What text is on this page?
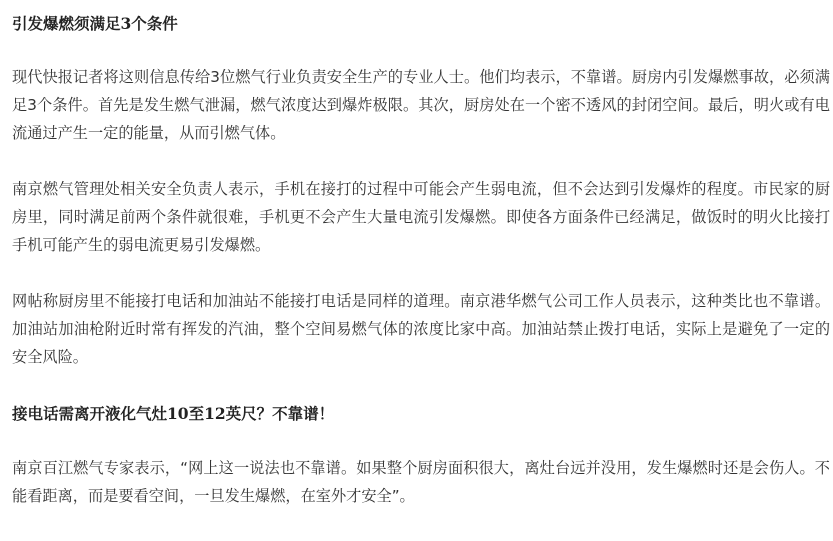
引发爆燃须满足3个条件

现代快报记者将这则信息传给3位燃气行业负责安全生产的专业人士。他们均表示，不靠谱。厨房内引发爆燃事故，必须满足3个条件。首先是发生燃气泄漏，燃气浓度达到爆炸极限。其次，厨房处在一个密不透风的封闭空间。最后，明火或有电流通过产生一定的能量，从而引燃气体。

南京燃气管理处相关安全负责人表示，手机在接打的过程中可能会产生弱电流，但不会达到引发爆炸的程度。市民家的厨房里，同时满足前两个条件就很难，手机更不会产生大量电流引发爆燃。即使各方面条件已经满足，做饭时的明火比接打手机可能产生的弱电流更易引发爆燃。

网帖称厨房里不能接打电话和加油站不能接打电话是同样的道理。南京港华燃气公司工作人员表示，这种类比也不靠谱。加油站加油枪附近时常有挥发的汽油，整个空间易燃气体的浓度比家中高。加油站禁止拨打电话，实际上是避免了一定的安全风险。

接电话需离开液化气灶10至12英尺？不靠谱！

南京百江燃气专家表示，“网上这一说法也不靠谱。如果整个厨房面积很大，离灶台远并没用，发生爆燃时还是会伤人。不能看距离，而是要看空间，一旦发生爆燃，在室外才安全”。
